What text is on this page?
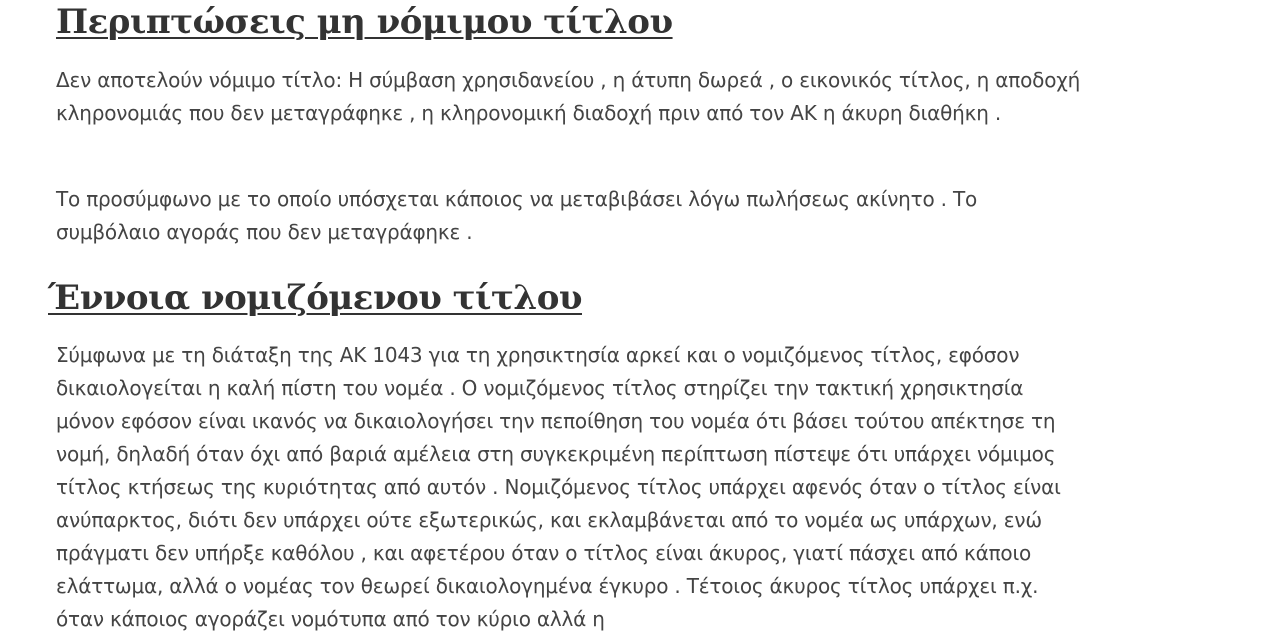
Περιπτώσεις μη νόμιμου τίτλου

Δεν αποτελούν νόμιμο τίτλο: Η σύμβαση χρησιδανείου , η άτυπη δωρεά , ο εικονικός τίτλος, η αποδοχή κληρονομιάς που δεν μεταγράφηκε , η κληρονομική διαδοχή πριν από τον ΑΚ η άκυρη διαθήκη .

Το προσύμφωνο με το οποίο υπόσχεται κάποιος να μεταβιβάσει λόγω πωλήσεως ακίνητο . Το συμβόλαιο αγοράς που δεν μεταγράφηκε .

Έννοια νομιζόμενου τίτλου

Σύμφωνα με τη διάταξη της ΑΚ 1043 για τη χρησικτησία αρκεί και ο νομιζόμενος τίτλος, εφόσον δικαιολογείται η καλή πίστη του νομέα . Ο νομιζόμενος τίτλος στηρίζει την τακτική χρησικτησία μόνον εφόσον είναι ικανός να δικαιολογήσει την πεποίθηση του νομέα ότι βάσει τούτου απέκτησε τη νομή, δηλαδή όταν όχι από βαριά αμέλεια στη συγκεκριμένη περίπτωση πίστεψε ότι υπάρχει νόμιμος τίτλος κτήσεως της κυριότητας από αυτόν . Νομιζόμενος τίτλος υπάρχει αφενός όταν ο τίτλος είναι ανύπαρκτος, διότι δεν υπάρχει ούτε εξωτερικώς, και εκλαμβάνεται από το νομέα ως υπάρχων, ενώ πράγματι δεν υπήρξε καθόλου , και αφετέρου όταν ο τίτλος είναι άκυρος, γιατί πάσχει από κάποιο ελάττωμα, αλλά ο νομέας τον θεωρεί δικαιολογημένα έγκυρο . Τέτοιος άκυρος τίτλος υπάρχει π.χ. όταν κάποιος αγοράζει νομότυπα από τον κύριο αλλά η
